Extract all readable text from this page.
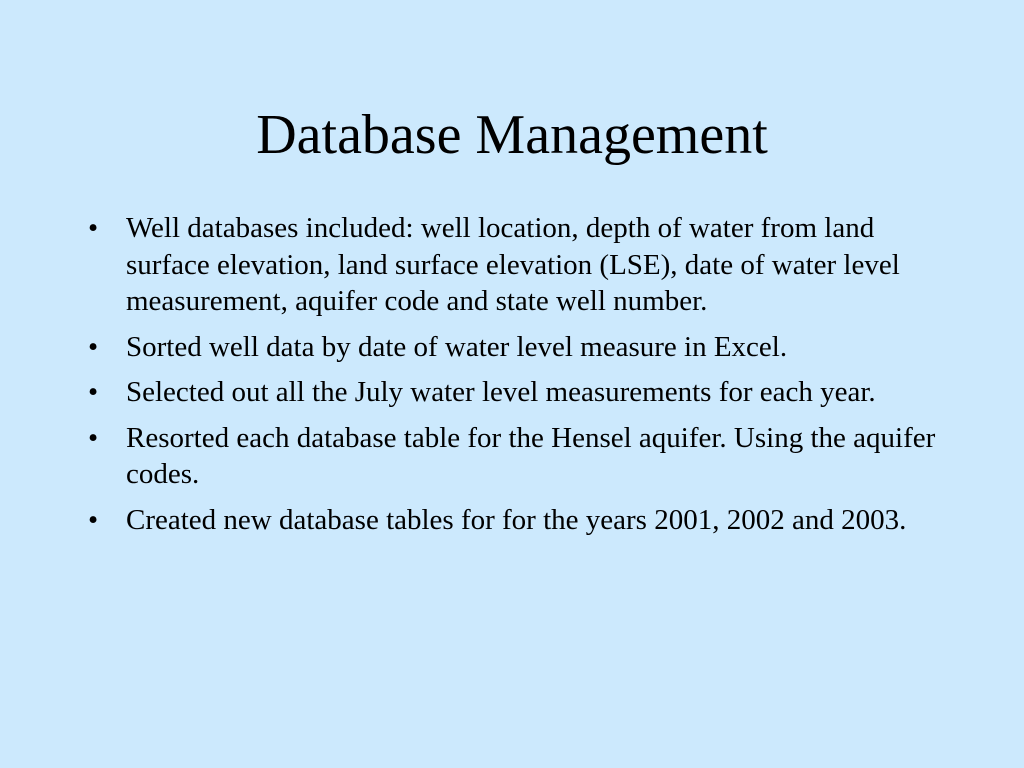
Database Management
• Well databases included: well location, depth of water from land surface elevation, land surface elevation (LSE), date of water level measurement, aquifer code and state well number.
• Sorted well data by date of water level measure in Excel.
• Selected out all the July water level measurements for each year.
• Resorted each database table for the Hensel aquifer. Using the aquifer codes.
• Created new database tables for for the years 2001, 2002 and 2003.
